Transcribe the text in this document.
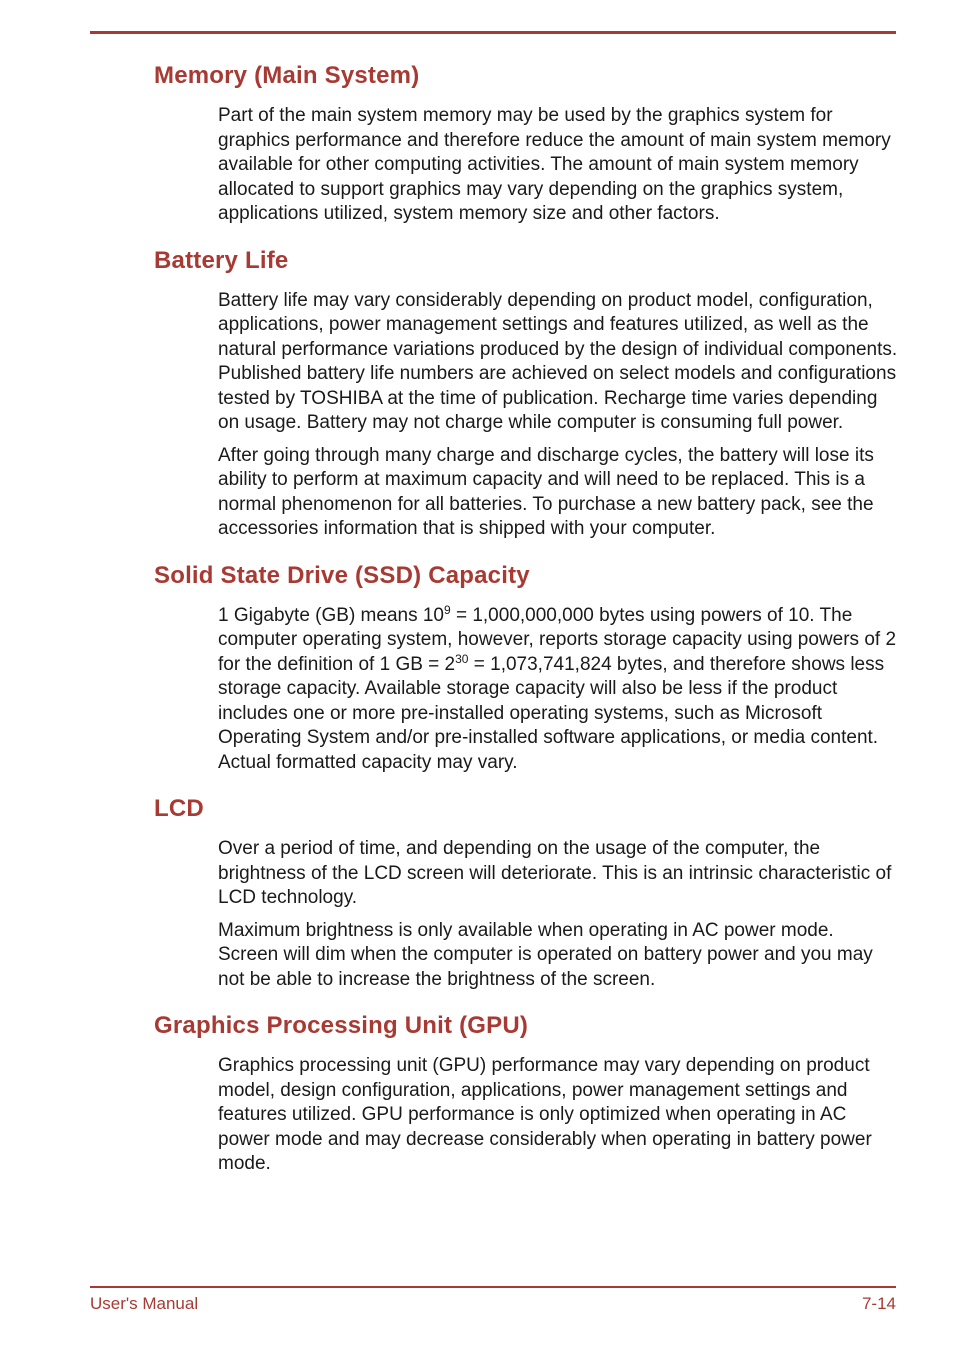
Memory (Main System)

Part of the main system memory may be used by the graphics system for graphics performance and therefore reduce the amount of main system memory available for other computing activities. The amount of main system memory allocated to support graphics may vary depending on the graphics system, applications utilized, system memory size and other factors.

Battery Life

Battery life may vary considerably depending on product model, configuration, applications, power management settings and features utilized, as well as the natural performance variations produced by the design of individual components. Published battery life numbers are achieved on select models and configurations tested by TOSHIBA at the time of publication. Recharge time varies depending on usage. Battery may not charge while computer is consuming full power.

After going through many charge and discharge cycles, the battery will lose its ability to perform at maximum capacity and will need to be replaced. This is a normal phenomenon for all batteries. To purchase a new battery pack, see the accessories information that is shipped with your computer.

Solid State Drive (SSD) Capacity

1 Gigabyte (GB) means $10^9 = 1,000,000,000$ bytes using powers of 10. The computer operating system, however, reports storage capacity using powers of 2 for the definition of 1 GB = $2^{30} = 1,073,741,824$ bytes, and therefore shows less storage capacity. Available storage capacity will also be less if the product includes one or more pre-installed operating systems, such as Microsoft Operating System and/or pre-installed software applications, or media content. Actual formatted capacity may vary.

LCD

Over a period of time, and depending on the usage of the computer, the brightness of the LCD screen will deteriorate. This is an intrinsic characteristic of LCD technology.

Maximum brightness is only available when operating in AC power mode. Screen will dim when the computer is operated on battery power and you may not be able to increase the brightness of the screen.

Graphics Processing Unit (GPU)

Graphics processing unit (GPU) performance may vary depending on product model, design configuration, applications, power management settings and features utilized. GPU performance is only optimized when operating in AC power mode and may decrease considerably when operating in battery power mode.

User's Manual	7-14
